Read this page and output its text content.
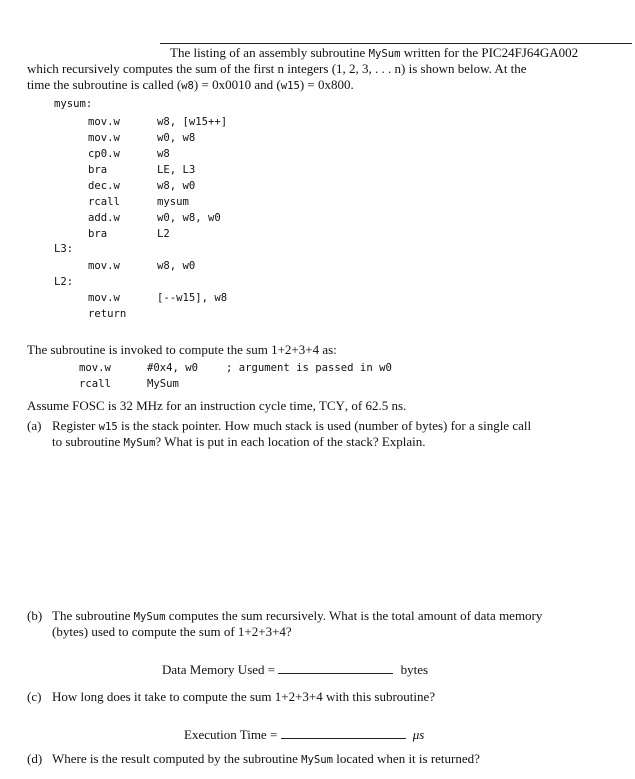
The listing of an assembly subroutine MySum written for the PIC24FJ64GA002
which recursively computes the sum of the first n integers (1, 2, 3, . . . n) is shown below. At the
time the subroutine is called (w8) = 0x0010 and (w15) = 0x800.
mysum:
mov.w	w8, [w15++]
mov.w	w0, w8
cp0.w	w8
bra	LE, L3
dec.w	w8, w0
rcall	mysum
add.w	w0, w8, w0
bra	L2
L3:
mov.w	w8, w0
L2:
mov.w	[--w15], w8
return
The subroutine is invoked to compute the sum 1+2+3+4 as:
mov.w	#0x4, w0	; argument is passed in w0
rcall	MySum
Assume FOSC is 32 MHz for an instruction cycle time, TCY, of 62.5 ns.
(a) Register w15 is the stack pointer. How much stack is used (number of bytes) for a single call
to subroutine MySum? What is put in each location of the stack? Explain.
(b) The subroutine MySum computes the sum recursively. What is the total amount of data memory
(bytes) used to compute the sum of 1+2+3+4?
Data Memory Used =	bytes
(c) How long does it take to compute the sum 1+2+3+4 with this subroutine?
Execution Time =	μs
(d) Where is the result computed by the subroutine MySum located when it is returned?
